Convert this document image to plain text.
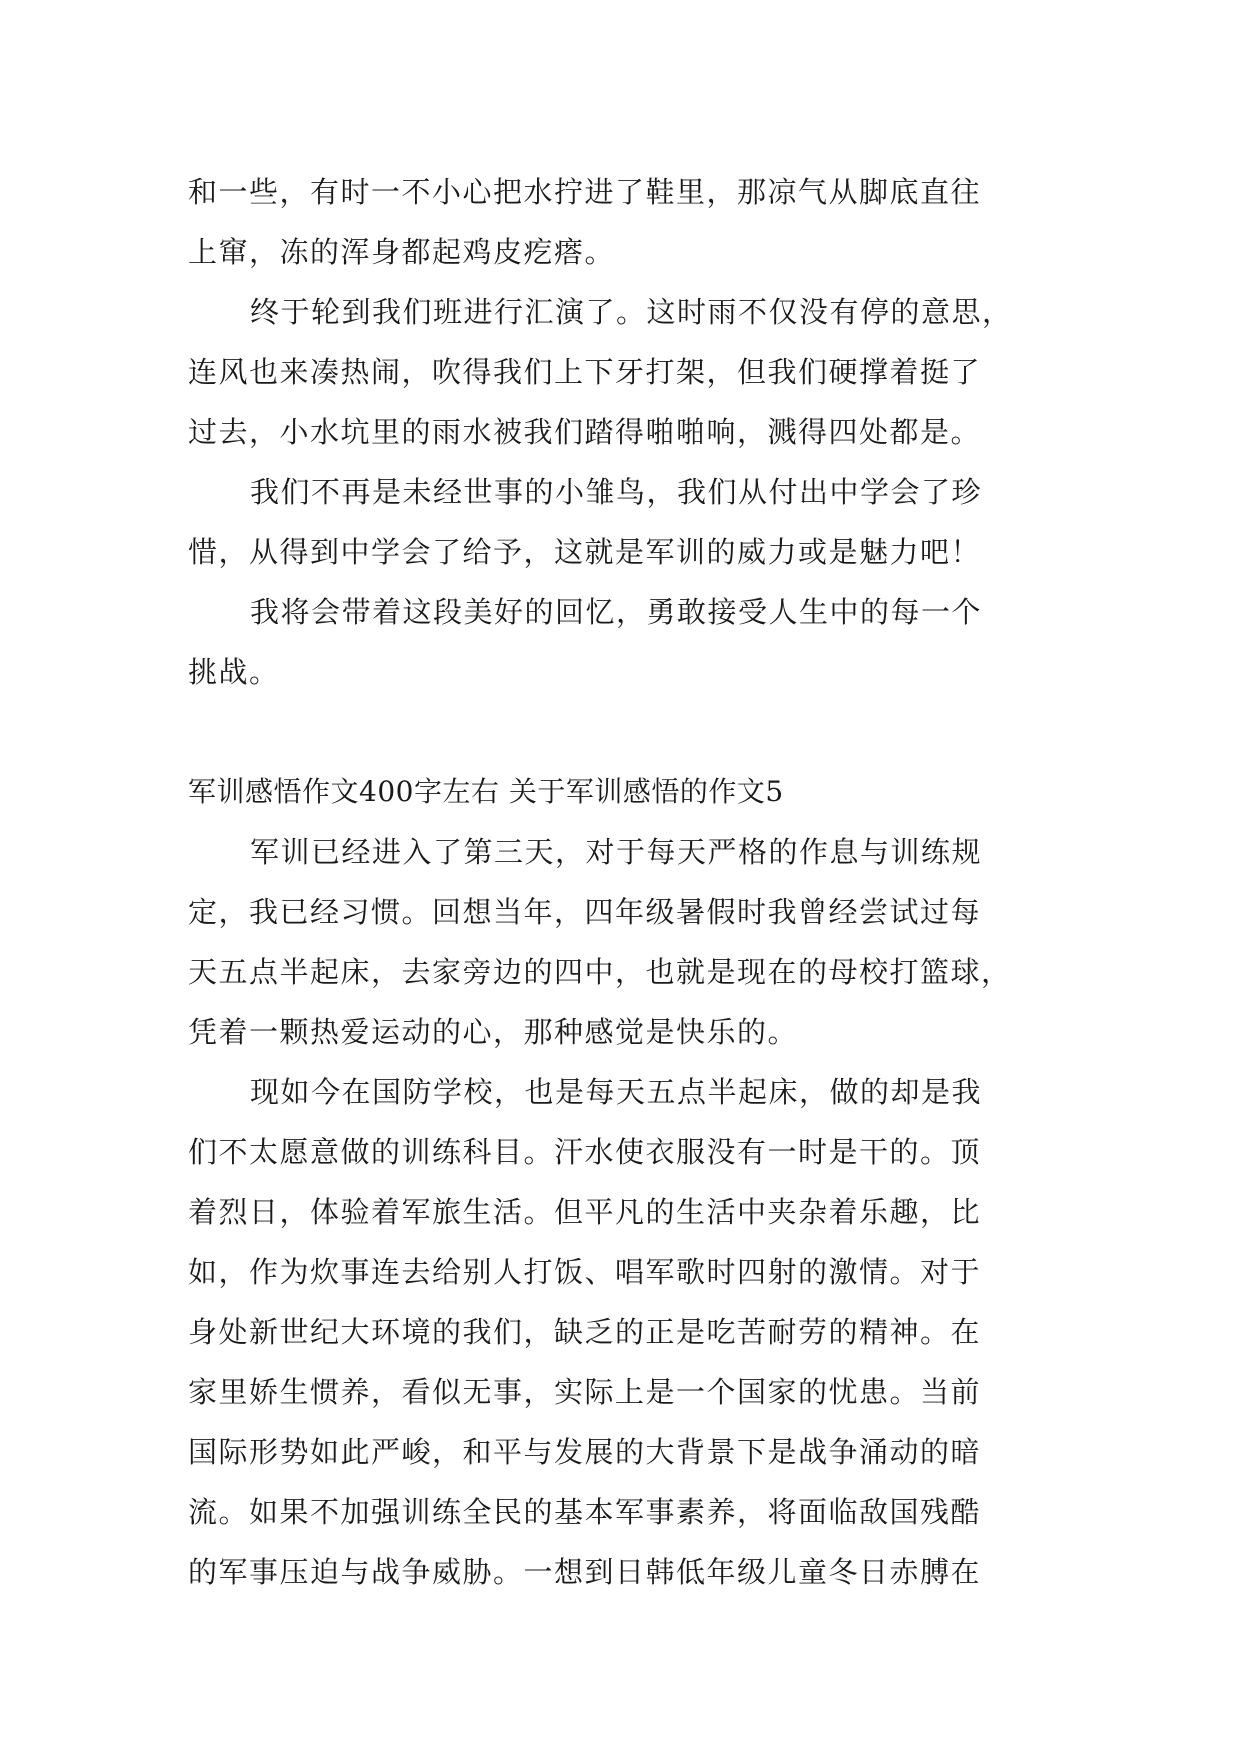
和一些，有时一不小心把水拧进了鞋里，那凉气从脚底直往
上窜，冻的浑身都起鸡皮疙瘩。
终于轮到我们班进行汇演了。这时雨不仅没有停的意思，
连风也来凑热闹，吹得我们上下牙打架，但我们硬撑着挺了
过去，小水坑里的雨水被我们踏得啪啪响，溅得四处都是。
我们不再是未经世事的小雏鸟，我们从付出中学会了珍
惜，从得到中学会了给予，这就是军训的威力或是魅力吧！
我将会带着这段美好的回忆，勇敢接受人生中的每一个
挑战。
军训感悟作文400字左右 关于军训感悟的作文5
军训已经进入了第三天，对于每天严格的作息与训练规
定，我已经习惯。回想当年，四年级暑假时我曾经尝试过每
天五点半起床，去家旁边的四中，也就是现在的母校打篮球，
凭着一颗热爱运动的心，那种感觉是快乐的。
现如今在国防学校，也是每天五点半起床，做的却是我
们不太愿意做的训练科目。汗水使衣服没有一时是干的。顶
着烈日，体验着军旅生活。但平凡的生活中夹杂着乐趣，比
如，作为炊事连去给别人打饭、唱军歌时四射的激情。对于
身处新世纪大环境的我们，缺乏的正是吃苦耐劳的精神。在
家里娇生惯养，看似无事，实际上是一个国家的忧患。当前
国际形势如此严峻，和平与发展的大背景下是战争涌动的暗
流。如果不加强训练全民的基本军事素养，将面临敌国残酷
的军事压迫与战争威胁。一想到日韩低年级儿童冬日赤膊在
